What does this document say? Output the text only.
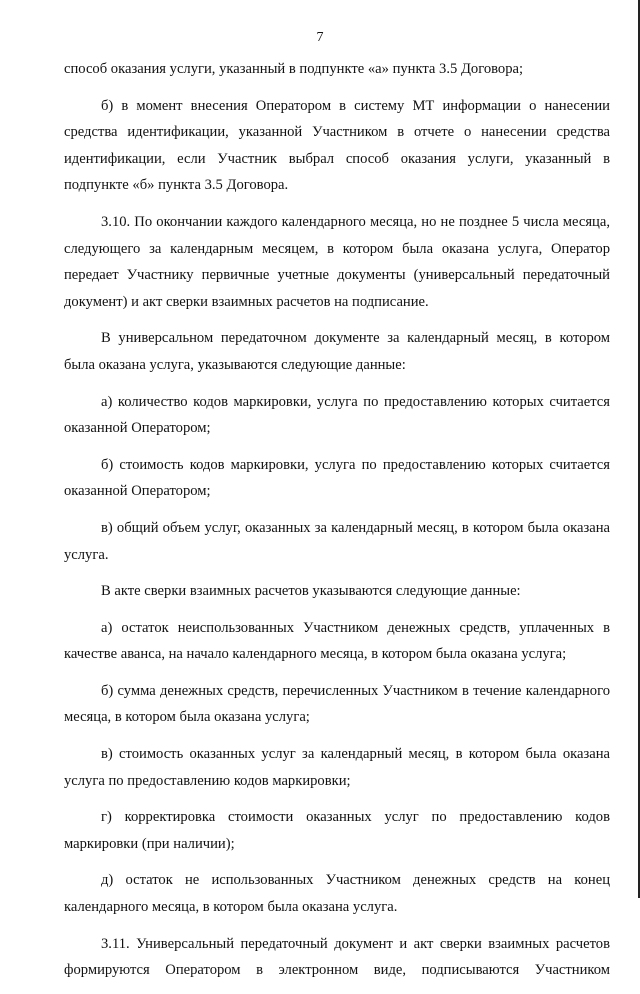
7

способ оказания услуги, указанный в подпункте «а» пункта 3.5 Договора;

б) в момент внесения Оператором в систему МТ информации о нанесении средства идентификации, указанной Участником в отчете о нанесении средства идентификации, если Участник выбрал способ оказания услуги, указанный в подпункте «б» пункта 3.5 Договора.

3.10. По окончании каждого календарного месяца, но не позднее 5 числа месяца, следующего за календарным месяцем, в котором была оказана услуга, Оператор передает Участнику первичные учетные документы (универсальный передаточный документ) и акт сверки взаимных расчетов на подписание.

В универсальном передаточном документе за календарный месяц, в котором была оказана услуга, указываются следующие данные:

а) количество кодов маркировки, услуга по предоставлению которых считается оказанной Оператором;

б) стоимость кодов маркировки, услуга по предоставлению которых считается оказанной Оператором;

в) общий объем услуг, оказанных за календарный месяц, в котором была оказана услуга.

В акте сверки взаимных расчетов указываются следующие данные:

а) остаток неиспользованных Участником денежных средств, уплаченных в качестве аванса, на начало календарного месяца, в котором была оказана услуга;

б) сумма денежных средств, перечисленных Участником в течение календарного месяца, в котором была оказана услуга;

в) стоимость оказанных услуг за календарный месяц, в котором была оказана услуга по предоставлению кодов маркировки;

г) корректировка стоимости оказанных услуг по предоставлению кодов маркировки (при наличии);

д) остаток не использованных Участником денежных средств на конец календарного месяца, в котором была оказана услуга.

3.11. Универсальный передаточный документ и акт сверки взаимных расчетов формируются Оператором в электронном виде, подписываются Участником
